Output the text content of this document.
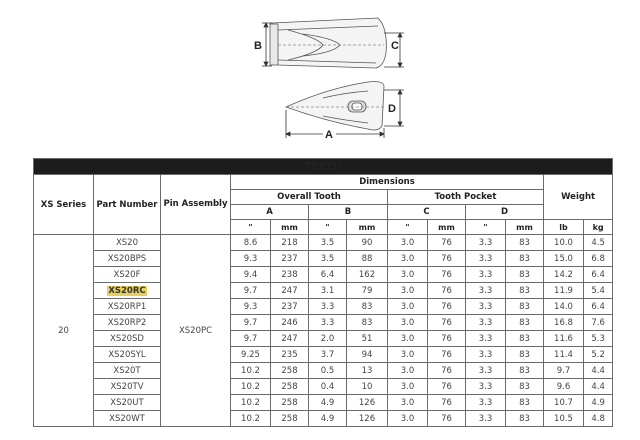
B	C
D
A
TEETH												
XS Series	Part Number	Pin Assembly	Dimensions								Weight	
			Overall Tooth				Tooth Pocket					
			A		B		C		D			
			"	mm	"	mm	"	mm	"	mm	lb	kg
20	XS20	XS20PC	8.6	218	3.5	90	3.0	76	3.3	83	10.0	4.5
	XS20BPS		9.3	237	3.5	88	3.0	76	3.3	83	15.0	6.8
	XS20F		9.4	238	6.4	162	3.0	76	3.3	83	14.2	6.4
	XS20RC		9.7	247	3.1	79	3.0	76	3.3	83	11.9	5.4
	XS20RP1		9.3	237	3.3	83	3.0	76	3.3	83	14.0	6.4
	XS20RP2		9.7	246	3.3	83	3.0	76	3.3	83	16.8	7.6
	XS20SD		9.7	247	2.0	51	3.0	76	3.3	83	11.6	5.3
	XS20SYL		9.25	235	3.7	94	3.0	76	3.3	83	11.4	5.2
	XS20T		10.2	258	0.5	13	3.0	76	3.3	83	9.7	4.4
	XS20TV		10.2	258	0.4	10	3.0	76	3.3	83	9.6	4.4
	XS20UT		10.2	258	4.9	126	3.0	76	3.3	83	10.7	4.9
	XS20WT		10.2	258	4.9	126	3.0	76	3.3	83	10.5	4.8
